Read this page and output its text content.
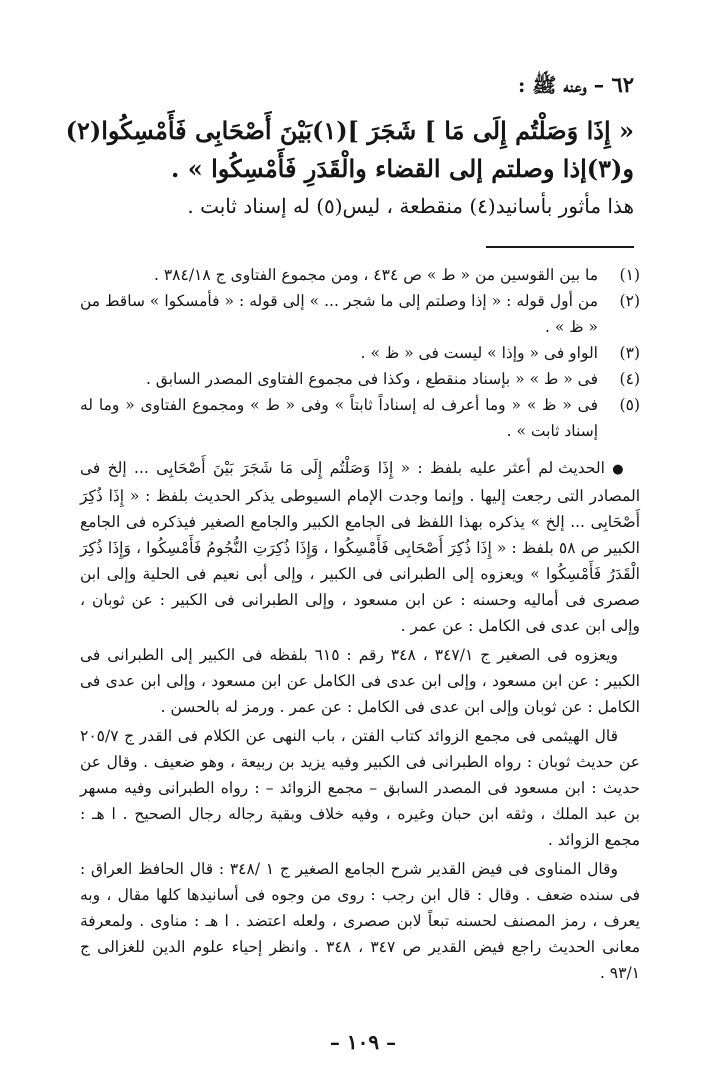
٦٢ – وعنه ﷺ :
« إِذَا وَصَلْتُم إِلَى مَا ] شَجَرَ ](١)بَيْنَ أَصْحَابِى فَأَمْسِكُوا(٢)
و(٣)إذا وصلتم إلى القضاء والْقَدَرِ فَأَمْسِكُوا » .
هذا مأثور بأسانيد(٤) منقطعة ، ليس(٥) له إسناد ثابت .
(١)
ما بين القوسين من « ط » ص ٤٣٤ ، ومن مجموع الفتاوى ج ٣٨٤/١٨ .
(٢)
من أول قوله : « إذا وصلتم إلى ما شجر ... » إلى قوله : « فأمسكوا » ساقط من « ظ » .
(٣)
الواو فى « وإذا » ليست فى « ظ » .
(٤)
فى « ط » « بإسناد منقطع ، وكذا فى مجموع الفتاوى المصدر السابق .
(٥)
فى « ظ » « وما أعرف له إسناداً ثابتاً » وفى « ط » ومجموع الفتاوى « وما له إسناد ثابت » .

● الحديث لم أعثر عليه بلفظ : « إِذَا وَصَلْتُم إِلَى مَا شَجَرَ بَيْنَ أَصْحَابِى ... إلخ فى المصادر التى رجعت إليها . وإنما وجدت الإمام السيوطى يذكر الحديث بلفظ : « إِذَا ذُكِرَ أَصْحَابِى ... إلخ » يذكره بهذا اللفظ فى الجامع الكبير والجامع الصغير فيذكره فى الجامع الكبير ص ٥٨ بلفظ : « إِذَا ذُكِرَ أَصْحَابِى فَأَمْسِكُوا ، وَإِذَا ذُكِرَتِ النُّجُومُ فَأَمْسِكُوا ، وَإِذَا ذُكِرَ الْقَدَرُ فَأَمْسِكُوا » ويعزوه إلى الطبرانى فى الكبير ، وإلى أبى نعيم فى الحلية وإلى ابن صصرى فى أماليه وحسنه : عن ابن مسعود ، وإلى الطبرانى فى الكبير : عن ثوبان ، وإلى ابن عدى فى الكامل : عن عمر .

ويعزوه فى الصغير ج ٣٤٧/١ ، ٣٤٨ رقم : ٦١٥ بلفظه فى الكبير إلى الطبرانى فى الكبير : عن ابن مسعود ، وإلى ابن عدى فى الكامل عن ابن مسعود ، وإلى ابن عدى فى الكامل : عن ثوبان وإلى ابن عدى فى الكامل : عن عمر . ورمز له بالحسن .

قال الهيثمى فى مجمع الزوائد كتاب الفتن ، باب النهى عن الكلام فى القدر ج ٢٠٥/٧ عن حديث ثوبان : رواه الطبرانى فى الكبير وفيه يزيد بن ربيعة ، وهو ضعيف . وقال عن حديث : ابن مسعود فى المصدر السابق – مجمع الزوائد – : رواه الطبرانى وفيه مسهر بن عبد الملك ، وثقه ابن حبان وغيره ، وفيه خلاف وبقية رجاله رجال الصحيح . ا هـ : مجمع الزوائد .

وقال المناوى فى فيض القدير شرح الجامع الصغير ج ١ /٣٤٨ : قال الحافظ العراق : فى سنده ضعف . وقال : قال ابن رجب : روى من وجوه فى أسانيدها كلها مقال ، وبه يعرف ، رمز المصنف لحسنه تبعاً لابن صصرى ، ولعله اعتضد . ا هـ : مناوى . ولمعرفة معانى الحديث راجع فيض القدير ص ٣٤٧ ، ٣٤٨ . وانظر إحياء علوم الدين للغزالى ج ٩٣/١ .

– ١٠٩ –
